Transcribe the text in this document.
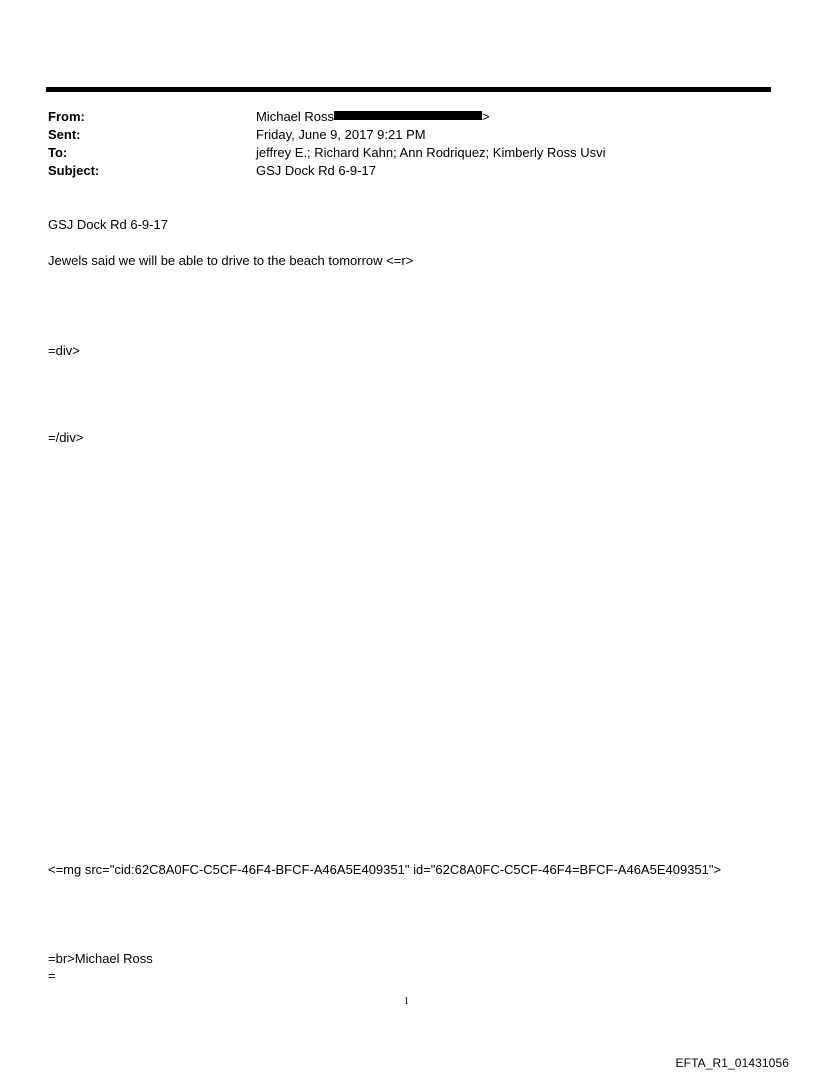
From:	Michael Ross	>
Sent:	Friday, June 9, 2017 9:21 PM
To:	jeffrey E.; Richard Kahn; Ann Rodriquez; Kimberly Ross Usvi
Subject:	GSJ Dock Rd 6-9-17
GSJ Dock Rd 6-9-17
Jewels said we will be able to drive to the beach tomorrow <=r>
=div>
=/div>
<=mg src="cid:62C8A0FC-C5CF-46F4-BFCF-A46A5E409351" id="62C8A0FC-C5CF-46F4=BFCF-A46A5E409351">
=br>Michael Ross
=
1
EFTA_R1_01431056
